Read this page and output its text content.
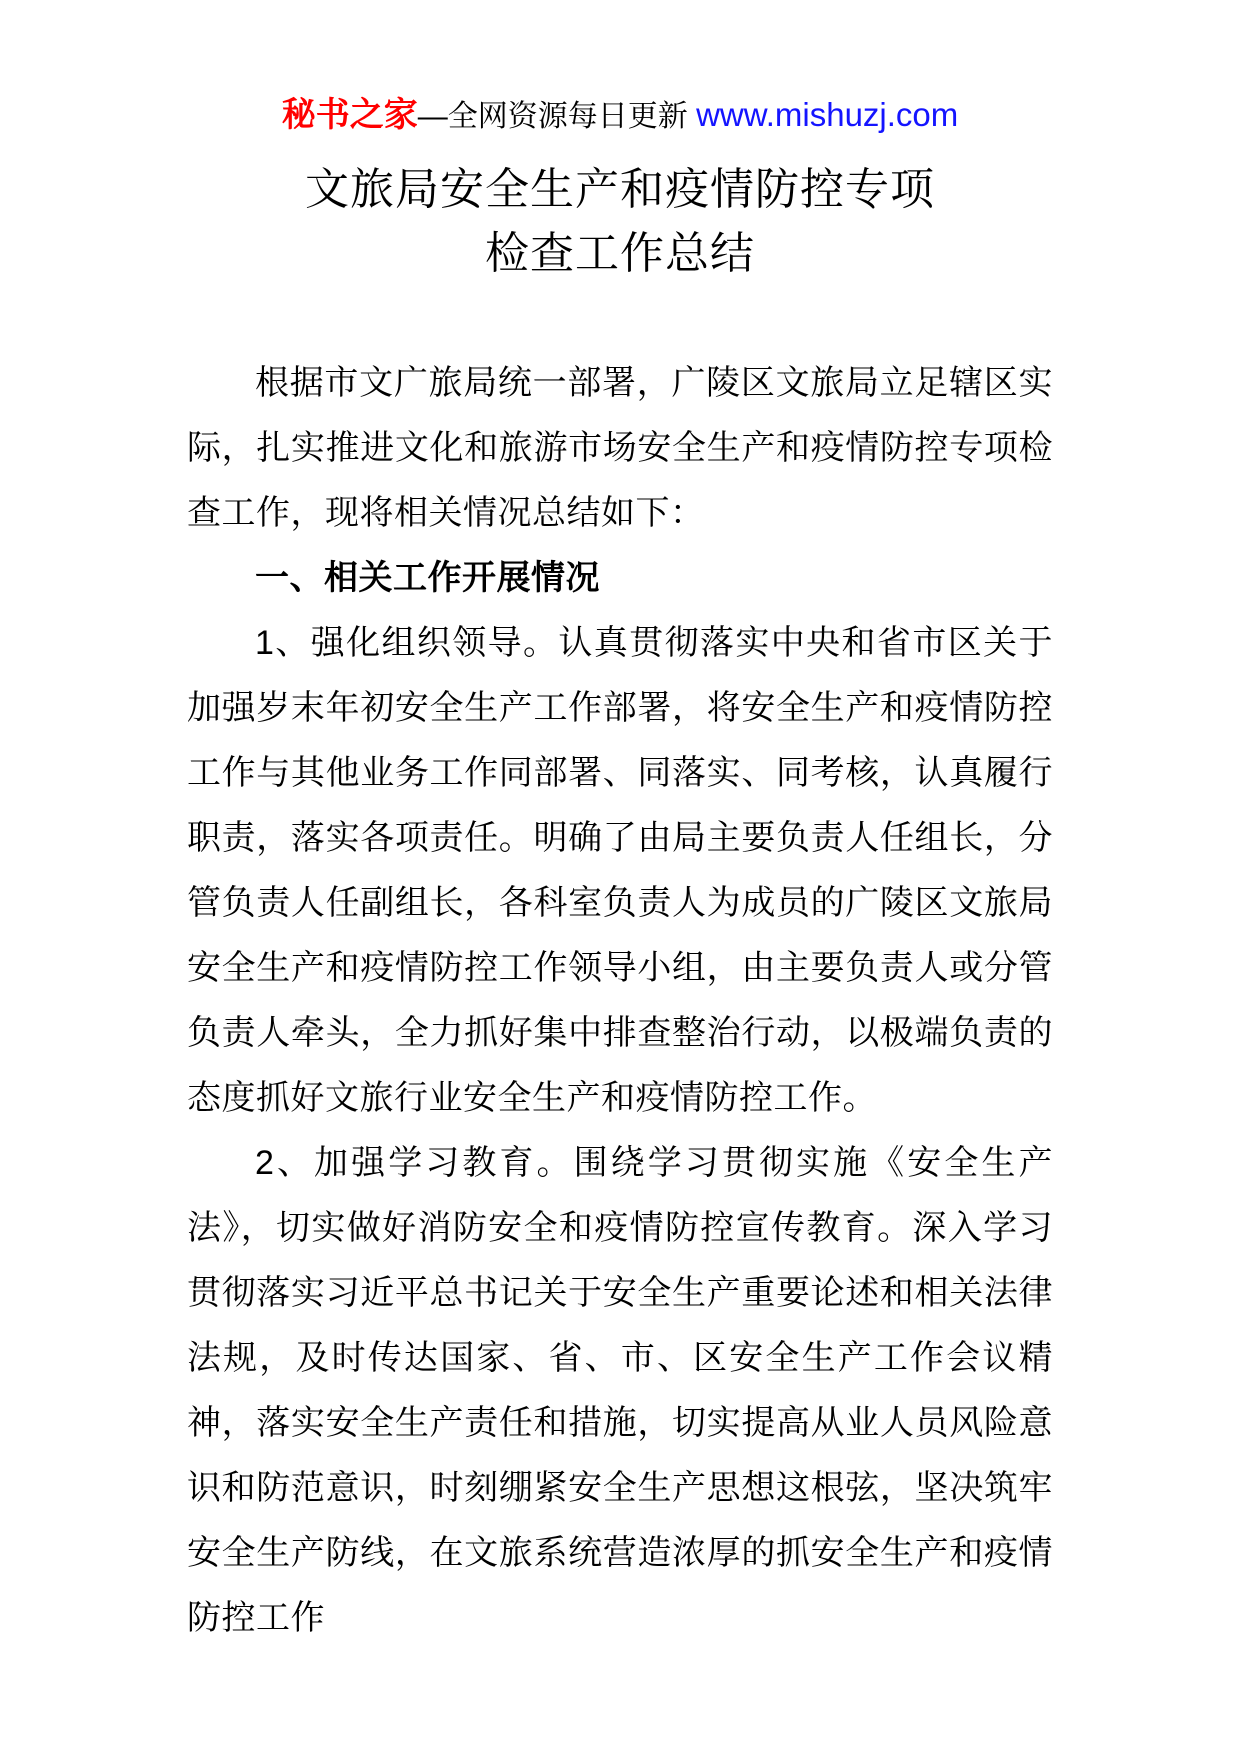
秘书之家—全网资源每日更新 www.mishuzj.com
文旅局安全生产和疫情防控专项
检查工作总结

根据市文广旅局统一部署，广陵区文旅局立足辖区实际，扎实推进文化和旅游市场安全生产和疫情防控专项检查工作，现将相关情况总结如下：

一、相关工作开展情况

1、强化组织领导。认真贯彻落实中央和省市区关于加强岁末年初安全生产工作部署，将安全生产和疫情防控工作与其他业务工作同部署、同落实、同考核，认真履行职责，落实各项责任。明确了由局主要负责人任组长，分管负责人任副组长，各科室负责人为成员的广陵区文旅局安全生产和疫情防控工作领导小组，由主要负责人或分管负责人牵头，全力抓好集中排查整治行动，以极端负责的态度抓好文旅行业安全生产和疫情防控工作。

2、加强学习教育。围绕学习贯彻实施《安全生产法》，切实做好消防安全和疫情防控宣传教育。深入学习贯彻落实习近平总书记关于安全生产重要论述和相关法律法规，及时传达国家、省、市、区安全生产工作会议精神，落实安全生产责任和措施，切实提高从业人员风险意识和防范意识，时刻绷紧安全生产思想这根弦，坚决筑牢安全生产防线，在文旅系统营造浓厚的抓安全生产和疫情防控工作
